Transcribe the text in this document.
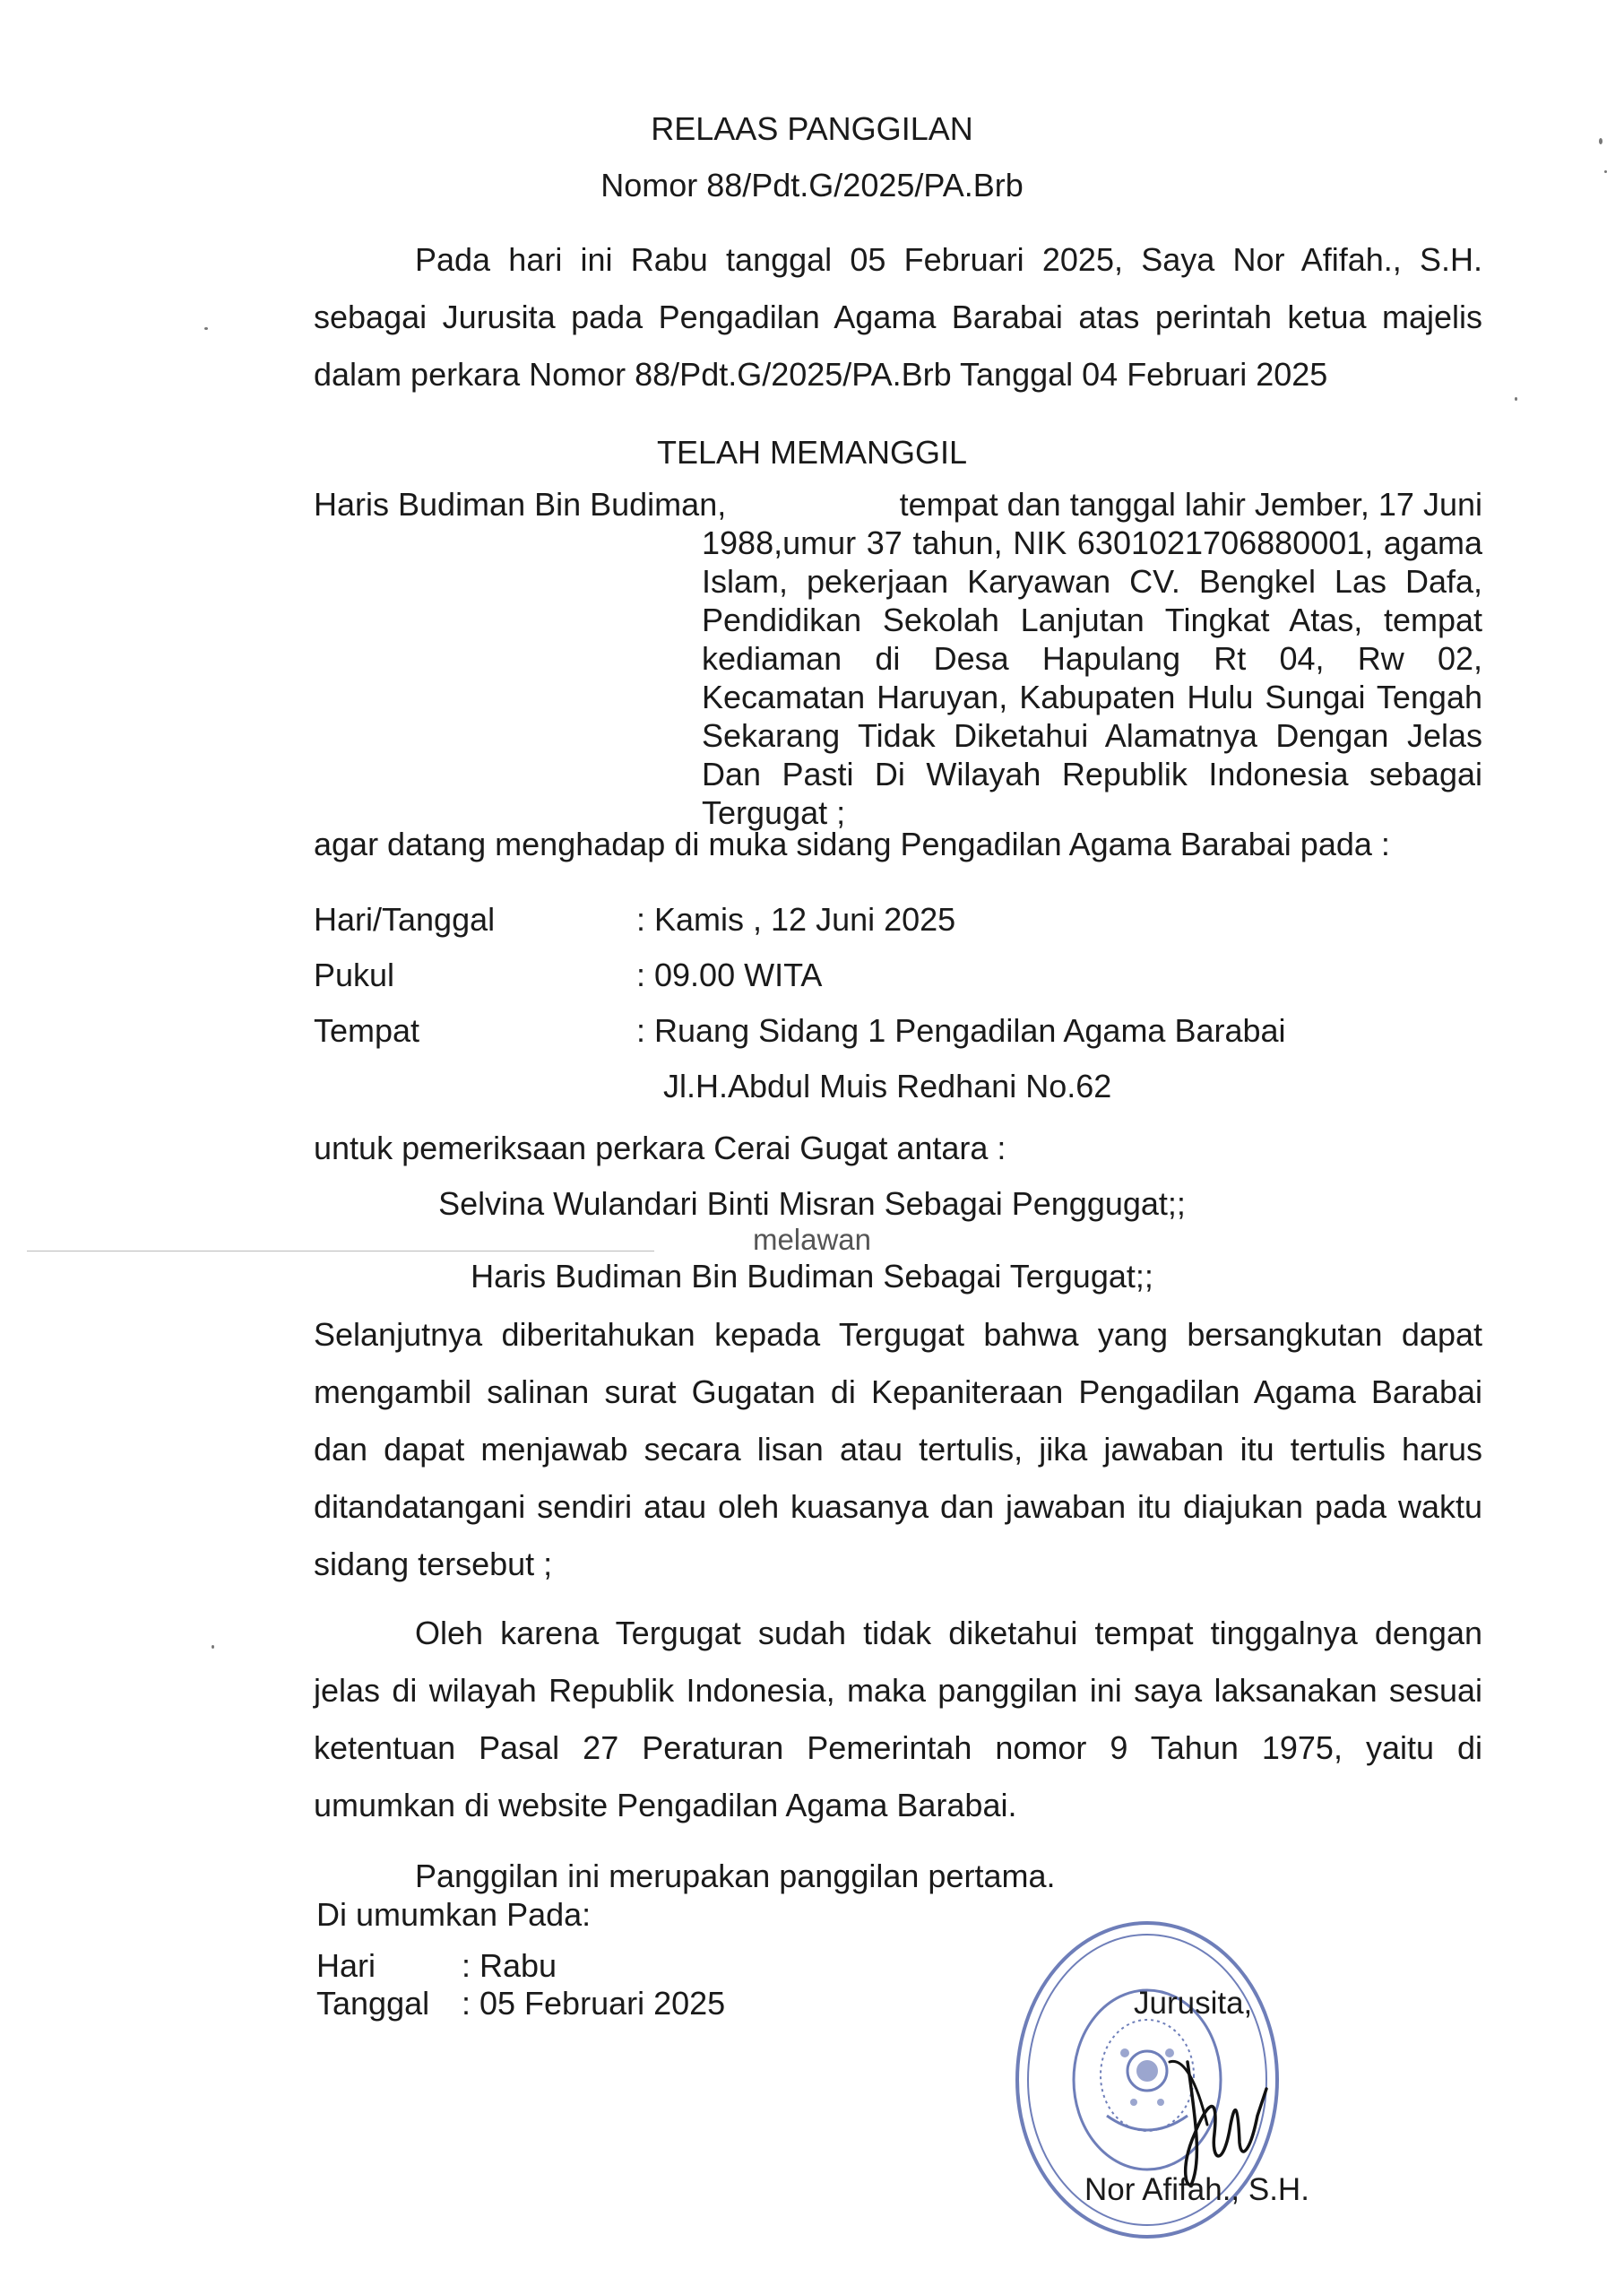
RELAAS PANGGILAN

Nomor 88/Pdt.G/2025/PA.Brb

Pada hari ini Rabu tanggal 05 Februari 2025, Saya Nor Afifah., S.H. sebagai Jurusita pada Pengadilan Agama Barabai atas perintah ketua majelis dalam perkara Nomor 88/Pdt.G/2025/PA.Brb Tanggal 04 Februari 2025

TELAH MEMANGGIL

Haris Budiman Bin Budiman,	tempat dan tanggal lahir Jember, 17 Juni

1988,umur 37 tahun, NIK 6301021706880001, agama Islam, pekerjaan Karyawan CV. Bengkel Las Dafa, Pendidikan Sekolah Lanjutan Tingkat Atas, tempat kediaman di Desa Hapulang Rt 04, Rw 02, Kecamatan Haruyan, Kabupaten Hulu Sungai Tengah Sekarang Tidak Diketahui Alamatnya Dengan Jelas Dan Pasti Di Wilayah Republik Indonesia sebagai Tergugat ;

agar datang menghadap di muka sidang Pengadilan Agama Barabai pada :

Hari/Tanggal	: Kamis , 12 Juni 2025
Pukul	: 09.00 WITA
Tempat	: Ruang Sidang 1 Pengadilan Agama Barabai
Jl.H.Abdul Muis Redhani No.62

untuk pemeriksaan perkara Cerai Gugat antara :

Selvina Wulandari Binti Misran Sebagai Penggugat;;

melawan

Haris Budiman Bin Budiman Sebagai Tergugat;;

Selanjutnya diberitahukan kepada Tergugat bahwa yang bersangkutan dapat mengambil salinan surat Gugatan di Kepaniteraan Pengadilan Agama Barabai dan dapat menjawab secara lisan atau tertulis, jika jawaban itu tertulis harus ditandatangani sendiri atau oleh kuasanya dan jawaban itu diajukan pada waktu sidang tersebut ;

Oleh karena Tergugat sudah tidak diketahui tempat tinggalnya dengan jelas di wilayah Republik Indonesia, maka panggilan ini saya laksanakan sesuai ketentuan Pasal 27 Peraturan Pemerintah nomor 9 Tahun 1975, yaitu di umumkan di website Pengadilan Agama Barabai.

Panggilan ini merupakan panggilan pertama.

Di umumkan Pada:

Hari	: Rabu
Tanggal : 05 Februari 2025	Jurusita,

Nor Afifah., S.H.
